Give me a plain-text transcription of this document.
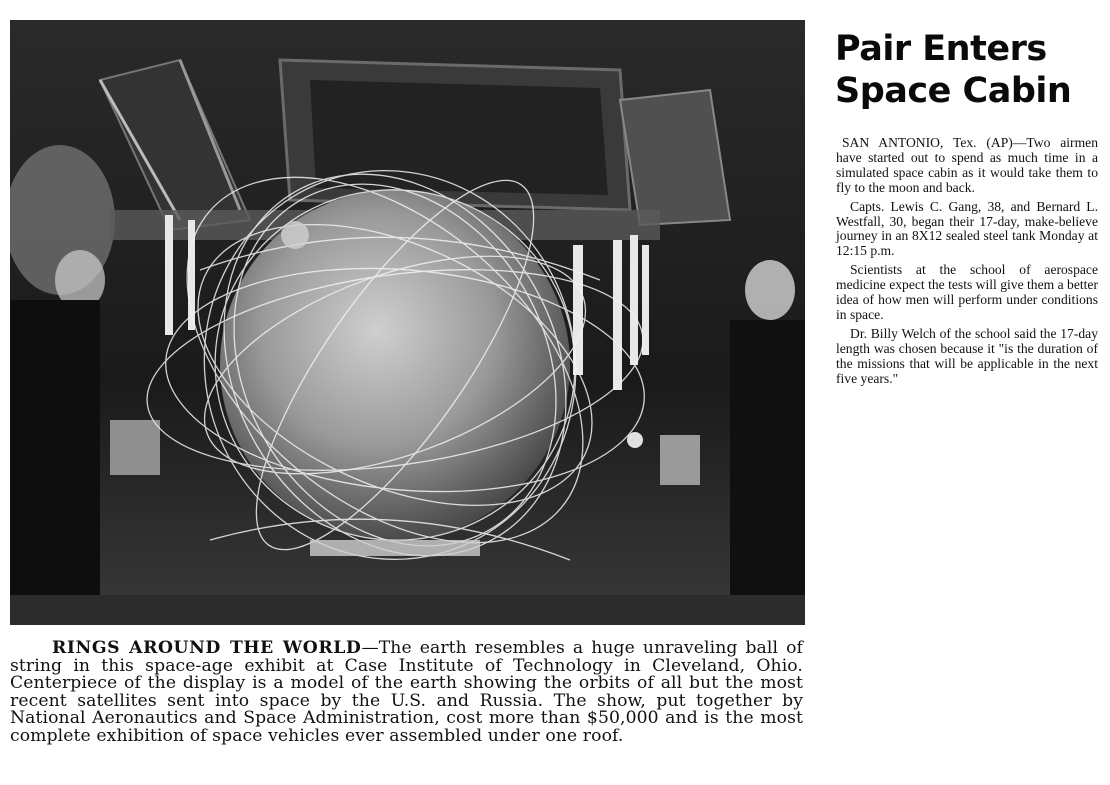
RINGS AROUND THE WORLD—The earth resembles a huge unraveling ball of string in this space-age exhibit at Case Institute of Technology in Cleveland, Ohio. Centerpiece of the display is a model of the earth showing the orbits of all but the most recent satellites sent into space by the U.S. and Russia. The show, put together by National Aeronautics and Space Administration, cost more than $50,000 and is the most complete exhibition of space vehicles ever assembled under one roof.
Pair Enters Space Cabin

SAN ANTONIO, Tex. (AP)—Two airmen have started out to spend as much time in a simulated space cabin as it would take them to fly to the moon and back.

Capts. Lewis C. Gang, 38, and Bernard L. Westfall, 30, began their 17-day, make-believe journey in an 8X12 sealed steel tank Monday at 12:15 p.m.

Scientists at the school of aerospace medicine expect the tests will give them a better idea of how men will perform under conditions in space.

Dr. Billy Welch of the school said the 17-day length was chosen because it "is the duration of the missions that will be applicable in the next five years."
